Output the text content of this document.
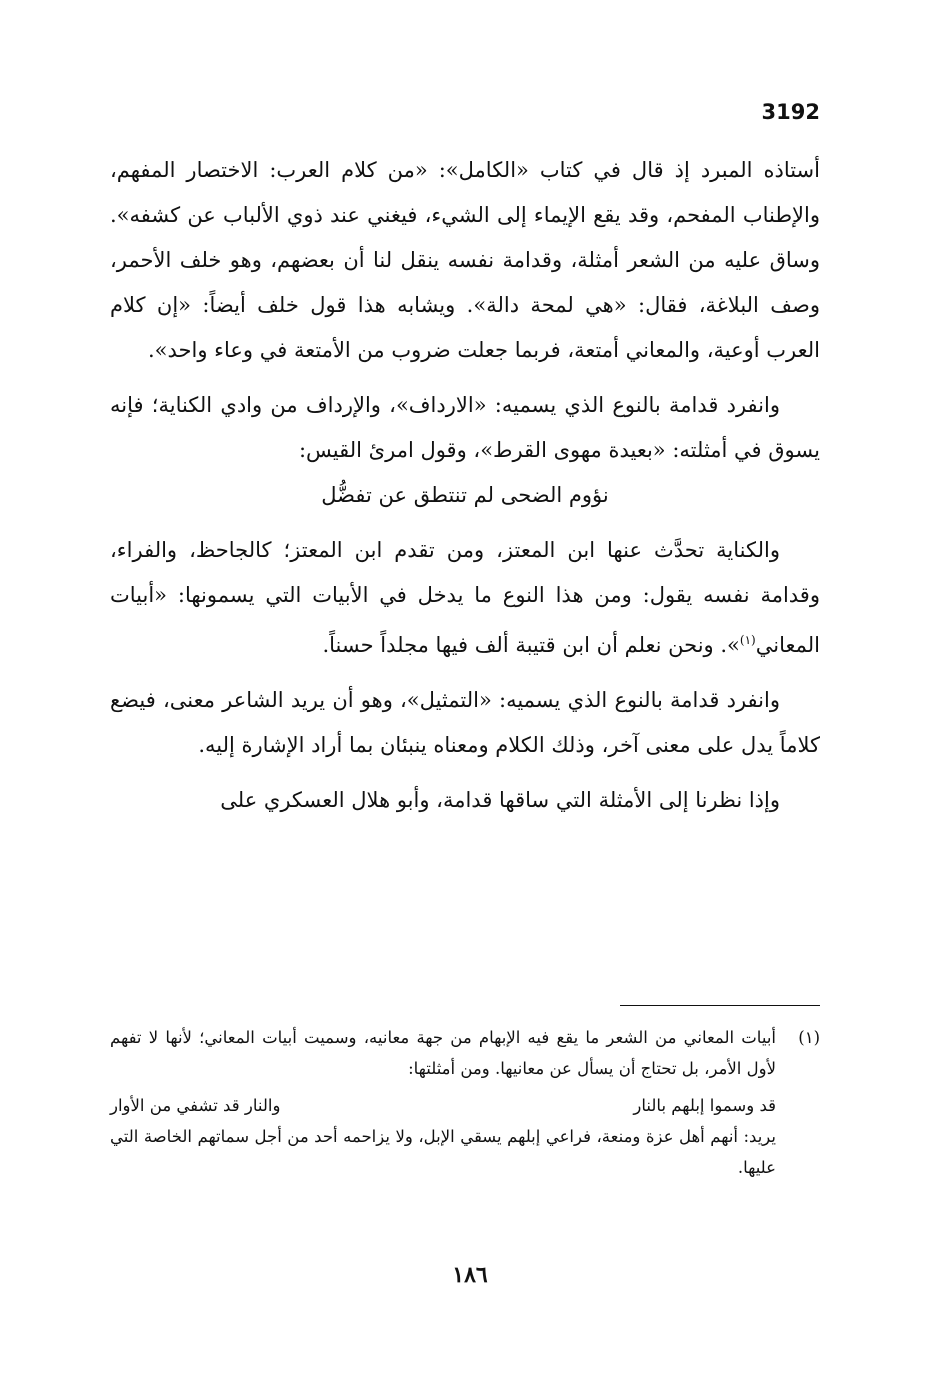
3192

أستاذه المبرد إذ قال في كتاب «الكامل»: «من كلام العرب: الاختصار المفهم، والإطناب المفحم، وقد يقع الإيماء إلى الشيء، فيغني عند ذوي الألباب عن كشفه». وساق عليه من الشعر أمثلة، وقدامة نفسه ينقل لنا أن بعضهم، وهو خلف الأحمر، وصف البلاغة، فقال: «هي لمحة دالة». ويشابه هذا قول خلف أيضاً: «إن كلام العرب أوعية، والمعاني أمتعة، فربما جعلت ضروب من الأمتعة في وعاء واحد».

وانفرد قدامة بالنوع الذي يسميه: «الارداف»، والإرداف من وادي الكناية؛ فإنه يسوق في أمثلته: «بعيدة مهوى القرط»، وقول امرئ القيس:

نؤوم الضحى لم تنتطق عن تفضُّل

والكناية تحدَّث عنها ابن المعتز، ومن تقدم ابن المعتز؛ كالجاحظ، والفراء، وقدامة نفسه يقول: ومن هذا النوع ما يدخل في الأبيات التي يسمونها: «أبيات المعاني$^{(١)}$». ونحن نعلم أن ابن قتيبة ألف فيها مجلداً حسناً.

وانفرد قدامة بالنوع الذي يسميه: «التمثيل»، وهو أن يريد الشاعر معنى، فيضع كلاماً يدل على معنى آخر، وذلك الكلام ومعناه ينبئان بما أراد الإشارة إليه.

وإذا نظرنا إلى الأمثلة التي ساقها قدامة، وأبو هلال العسكري على

(١)أبيات المعاني من الشعر ما يقع فيه الإبهام من جهة معانيه، وسميت أبيات المعاني؛ لأنها لا تفهم لأول الأمر، بل تحتاج أن يسأل عن معانيها. ومن أمثلتها:

قد وسموا إبلهم بالنار
والنار قد تشفي من الأوار

يريد: أنهم أهل عزة ومنعة، فراعي إبلهم يسقي الإبل، ولا يزاحمه أحد من أجل سماتهم الخاصة التي عليها.

١٨٦
